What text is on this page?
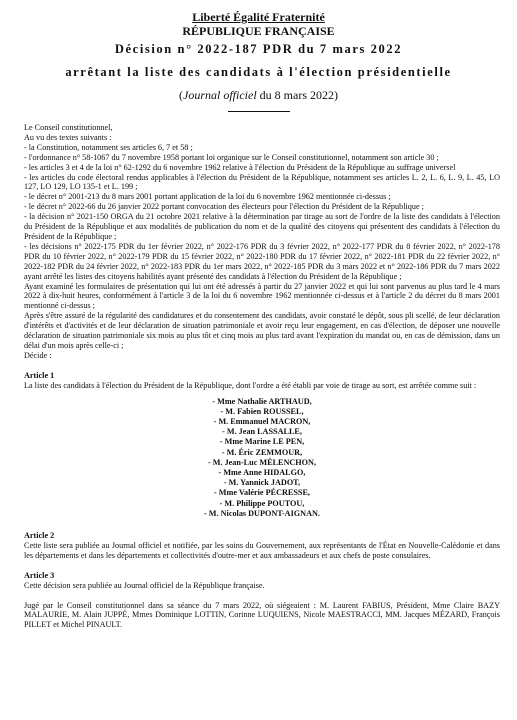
Liberté Égalité Fraternité
RÉPUBLIQUE FRANÇAISE
Décision n° 2022-187 PDR du 7 mars 2022
arrêtant la liste des candidats à l'élection présidentielle
(Journal officiel du 8 mars 2022)

Le Conseil constitutionnel,

Au vu des textes suivants :

- la Constitution, notamment ses articles 6, 7 et 58 ;

- l'ordonnance n° 58-1067 du 7 novembre 1958 portant loi organique sur le Conseil constitutionnel, notamment son article 30 ;

- les articles 3 et 4 de la loi n° 62-1292 du 6 novembre 1962 relative à l'élection du Président de la République au suffrage universel

- les articles du code électoral rendus applicables à l'élection du Président de la République, notamment ses articles L. 2, L. 6, L. 9, L. 45, LO 127, LO 129, LO 135-1 et L. 199 ;

- le décret n° 2001-213 du 8 mars 2001 portant application de la loi du 6 novembre 1962 mentionnée ci-dessus ;

- le décret n° 2022-66 du 26 janvier 2022 portant convocation des électeurs pour l'élection du Président de la République ;

- la décision n° 2021-150 ORGA du 21 octobre 2021 relative à la détermination par tirage au sort de l'ordre de la liste des candidats à l'élection du Président de la République et aux modalités de publication du nom et de la qualité des citoyens qui présentent des candidats à l'élection du Président de la République ;

- les décisions n° 2022-175 PDR du 1er février 2022, n° 2022-176 PDR du 3 février 2022, n° 2022-177 PDR du 8 février 2022, n° 2022-178 PDR du 10 février 2022, n° 2022-179 PDR du 15 février 2022, n° 2022-180 PDR du 17 février 2022, n° 2022-181 PDR du 22 février 2022, n° 2022-182 PDR du 24 février 2022, n° 2022-183 PDR du 1er mars 2022, n° 2022-185 PDR du 3 mars 2022 et n° 2022-186 PDR du 7 mars 2022 ayant arrêté les listes des citoyens habilités ayant présenté des candidats à l'élection du Président de la République ;

Ayant examiné les formulaires de présentation qui lui ont été adressés à partir du 27 janvier 2022 et qui lui sont parvenus au plus tard le 4 mars 2022 à dix-huit heures, conformément à l'article 3 de la loi du 6 novembre 1962 mentionnée ci-dessus et à l'article 2 du décret du 8 mars 2001 mentionné ci-dessus ;

Après s'être assuré de la régularité des candidatures et du consentement des candidats, avoir constaté le dépôt, sous pli scellé, de leur déclaration d'intérêts et d'activités et de leur déclaration de situation patrimoniale et avoir reçu leur engagement, en cas d'élection, de déposer une nouvelle déclaration de situation patrimoniale six mois au plus tôt et cinq mois au plus tard avant l'expiration du mandat ou, en cas de démission, dans un délai d'un mois après celle-ci ;

Décide :

Article 1

La liste des candidats à l'élection du Président de la République, dont l'ordre a été établi par voie de tirage au sort, est arrêtée comme suit :

- Mme Nathalie ARTHAUD,
- M. Fabien ROUSSEL,
- M. Emmanuel MACRON,
- M. Jean LASSALLE,
- Mme Marine LE PEN,
- M. Éric ZEMMOUR,
- M. Jean-Luc MÉLENCHON,
- Mme Anne HIDALGO,
- M. Yannick JADOT,
- Mme Valérie PÉCRESSE,
- M. Philippe POUTOU,
- M. Nicolas DUPONT-AIGNAN.

Article 2

Cette liste sera publiée au Journal officiel et notifiée, par les soins du Gouvernement, aux représentants de l'État en Nouvelle-Calédonie et dans les départements et dans les départements et collectivités d'outre-mer et aux ambassadeurs et aux chefs de poste consulaires.

Article 3

Cette décision sera publiée au Journal officiel de la République française.

Jugé par le Conseil constitutionnel dans sa séance du 7 mars 2022, où siégeaient : M. Laurent FABIUS, Président, Mme Claire BAZY MALAURIE, M. Alain JUPPÉ, Mmes Dominique LOTTIN, Corinne LUQUIENS, Nicole MAESTRACCI, MM. Jacques MÉZARD, François PILLET et Michel PINAULT.
